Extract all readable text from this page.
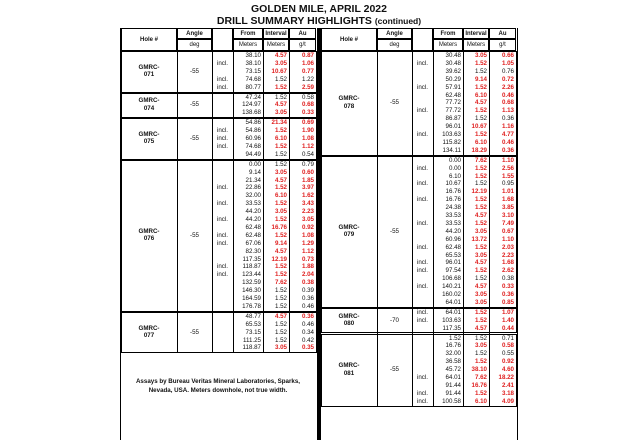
GOLDEN MILE, APRIL 2022
DRILL SUMMARY HIGHLIGHTS (continued)
Hole #
Angle
deg
From	Interval	Au
Meters	Meters	g/t
GMRC-
071	-55
38.10	4.57	0.87
incl.	38.10	3.05	1.06
73.15	10.67	0.77
incl.	74.68	1.52	1.22
incl.	80.77	1.52	2.59
GMRC-
074	-55
47.24	1.52	0.58
124.97	4.57	0.68
138.68	3.05	0.33
GMRC-
075	-55
54.86	21.34	0.69
incl.	54.86	1.52	1.90
incl.	60.96	6.10	1.08
incl.	74.68	1.52	1.12
94.49	1.52	0.54
GMRC-
076	-55
0.00	1.52	0.79
9.14	3.05	0.60
21.34	4.57	1.85
incl.	22.86	1.52	3.97
32.00	6.10	1.62
incl.	33.53	1.52	3.43
44.20	3.05	2.23
incl.	44.20	1.52	3.05
62.48	16.76	0.92
incl.	62.48	1.52	1.08
incl.	67.06	9.14	1.29
82.30	4.57	1.12
117.35	12.19	0.73
incl.	118.87	1.52	1.88
incl.	123.44	1.52	2.04
132.59	7.62	0.38
146.30	1.52	0.39
164.59	1.52	0.36
176.78	1.52	0.46
GMRC-
077	-55
48.77	4.57	0.36
65.53	1.52	0.46
73.15	1.52	0.34
111.25	1.52	0.42
118.87	3.05	0.35
Hole #
Angle
deg
From	Interval	Au
Meters	Meters	g/t
GMRC-
078	-55
30.48	3.05	0.66
incl.	30.48	1.52	1.05
39.62	1.52	0.76
50.29	9.14	0.72
incl.	57.91	1.52	2.26
62.48	6.10	0.46
77.72	4.57	0.68
incl.	77.72	1.52	1.13
86.87	1.52	0.36
96.01	10.67	1.16
incl.	103.63	1.52	4.77
115.82	6.10	0.46
134.11	18.29	0.36
GMRC-
079	-55
0.00	7.62	1.10
incl.	0.00	1.52	2.56
6.10	1.52	1.55
incl.	10.67	1.52	0.95
16.76	12.19	1.01
incl.	16.76	1.52	1.68
24.38	1.52	3.85
33.53	4.57	3.10
incl.	33.53	1.52	7.49
44.20	3.05	0.67
60.96	13.72	1.10
incl.	62.48	1.52	2.03
65.53	3.05	2.23
incl.	96.01	4.57	1.68
incl.	97.54	1.52	2.62
106.68	1.52	0.38
incl.	140.21	4.57	0.33
160.02	3.05	0.36
64.01	3.05	0.85
GMRC-
080	-70
incl.	64.01	1.52	1.07
incl.	103.63	1.52	1.40
117.35	4.57	0.44
GMRC-
081	-55
1.52	1.52	0.71
16.76	3.05	0.58
32.00	1.52	0.55
36.58	1.52	0.92
45.72	38.10	4.60
incl.	64.01	7.62	18.22
91.44	16.76	2.41
incl.	91.44	1.52	3.18
incl.	100.58	6.10	4.09
Assays by Bureau Veritas Mineral Laboratories, Sparks, Nevada, USA. Meters downhole, not true width.
